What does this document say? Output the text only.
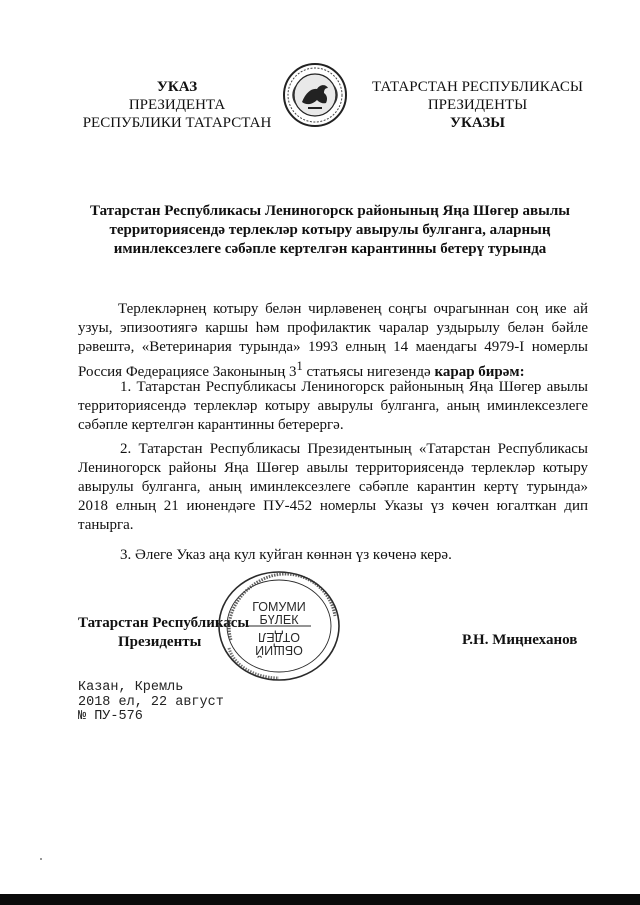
УКАЗ
ПРЕЗИДЕНТА
РЕСПУБЛИКИ ТАТАРСТАН
ТАТАРСТАН РЕСПУБЛИКАСЫ
ПРЕЗИДЕНТЫ
УКАЗЫ
Татарстан Республикасы Лениногорск районының Яңа Шөгер авылы
территориясендә терлекләр котыру авырулы булганга, аларның
иминлексезлеге сәбәпле кертелгән карантинны бетерү турында

Терлекләрнең котыру белән чирләвенең соңгы очрагыннан соң ике ай узуы, эпизоотиягә каршы һәм профилактик чаралар уздырылу белән бәйле рәвештә, «Ветеринария турында» 1993 елның 14 маендагы 4979-I номерлы Россия Федерациясе Законының $3^1$ статьясы нигезендә карар бирәм:

1. Татарстан Республикасы Лениногорск районының Яңа Шөгер авылы территориясендә терлекләр котыру авырулы булганга, аның иминлексезлеге сәбәпле кертелгән карантинны бетерергә.

2. Татарстан Республикасы Президентының «Татарстан Республикасы Лениногорск районы Яңа Шөгер авылы территориясендә терлекләр котыру авырулы булганга, аның иминлексезлеге сәбәпле карантин кертү турында» 2018 елның 21 июнендәге ПУ-452 номерлы Указы үз көчен югалткан дип танырга.

3. Әлеге Указ аңа кул куйган көннән үз көченә керә.

Татарстан Республикасы
Президенты
ГОМУМИ
БҮЛЕК
ОБЩИЙ
ОТДЕЛ	Р.Н. Миңнеханов
Казан, Кремль
2018 ел, 22 август
№ ПУ-576
